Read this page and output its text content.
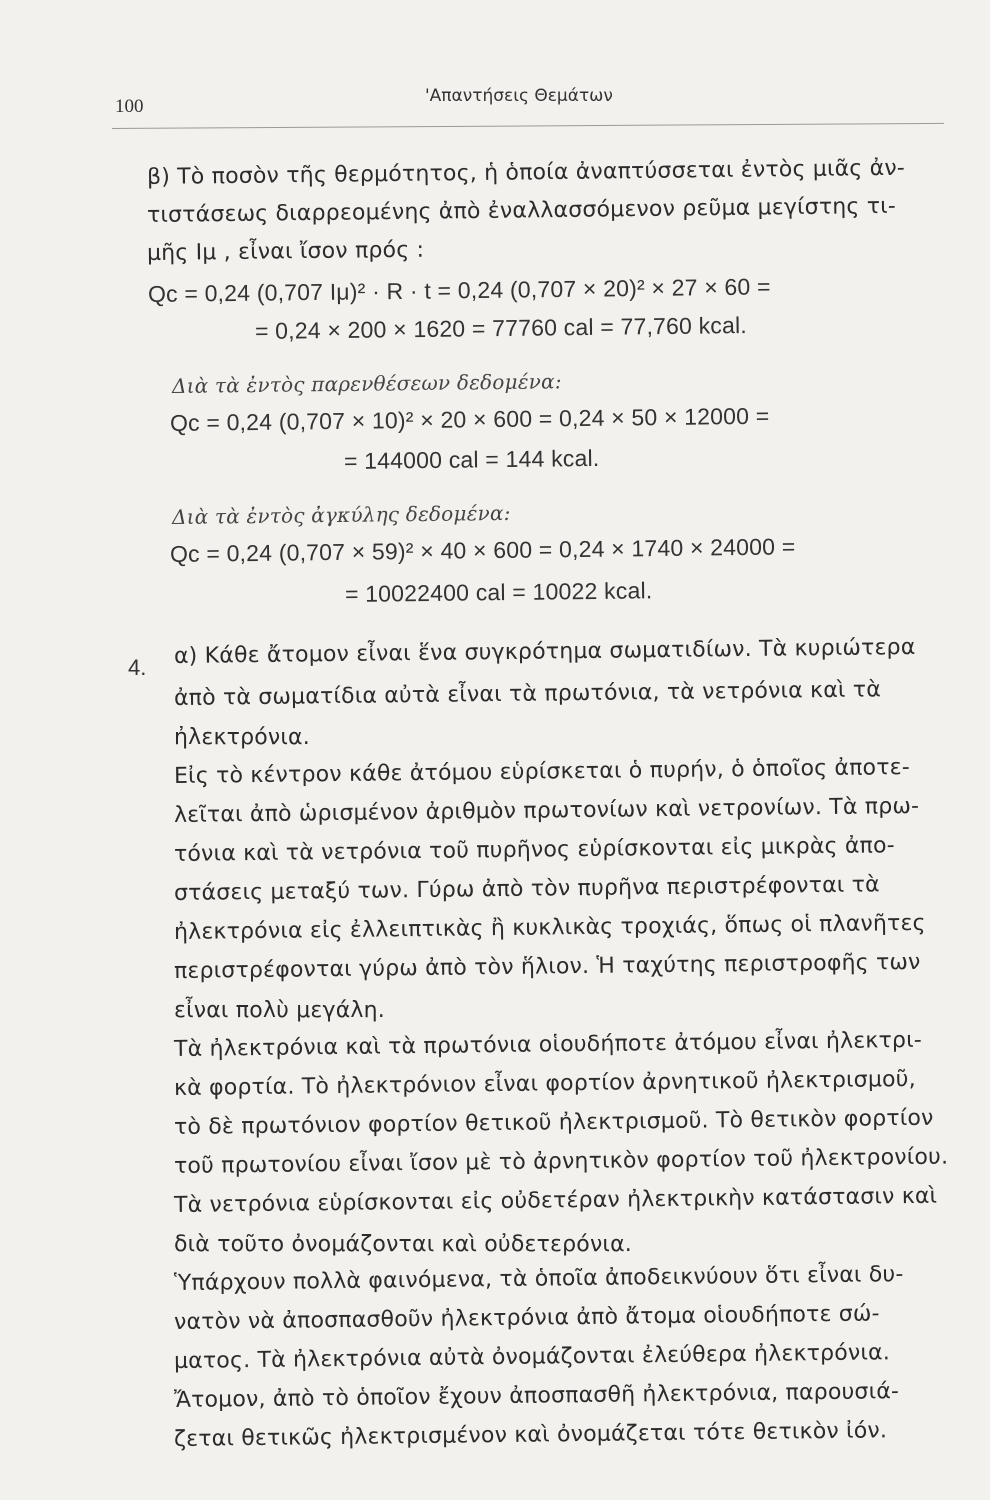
100	'Απαντήσεις Θεμάτων
β) Τὸ ποσὸν τῆς θερμότητος, ἡ ὁποία ἀναπτύσσεται ἐντὸς μιᾶς ἀν-
τιστάσεως διαρρεομένης ἀπὸ ἐναλλασσόμενον ρεῦμα μεγίστης τι-
μῆς Iμ , εἶναι ἴσον πρός :
Qc = 0,24 (0,707 Iμ)² · R · t = 0,24 (0,707 × 20)² × 27 × 60 =
= 0,24 × 200 × 1620 = 77760 cal = 77,760 kcal.
Διὰ τὰ ἐντὸς παρενθέσεων δεδομένα:
Qc = 0,24 (0,707 × 10)² × 20 × 600 = 0,24 × 50 × 12000 =
= 144000 cal = 144 kcal.
Διὰ τὰ ἐντὸς ἀγκύλης δεδομένα:
Qc = 0,24 (0,707 × 59)² × 40 × 600 = 0,24 × 1740 × 24000 =
= 10022400 cal = 10022 kcal.
4. α) Κάθε ἄτομον εἶναι ἕνα συγκρότημα σωματιδίων. Τὰ κυριώτερα
ἀπὸ τὰ σωματίδια αὐτὰ εἶναι τὰ πρωτόνια, τὰ νετρόνια καὶ τὰ
ἠλεκτρόνια.
Εἰς τὸ κέντρον κάθε ἀτόμου εὑρίσκεται ὁ πυρήν, ὁ ὁποῖος ἀποτε-
λεῖται ἀπὸ ὡρισμένον ἀριθμὸν πρωτονίων καὶ νετρονίων. Τὰ πρω-
τόνια καὶ τὰ νετρόνια τοῦ πυρῆνος εὑρίσκονται εἰς μικρὰς ἀπο-
στάσεις μεταξύ των. Γύρω ἀπὸ τὸν πυρῆνα περιστρέφονται τὰ
ἠλεκτρόνια εἰς ἐλλειπτικὰς ἢ κυκλικὰς τροχιάς, ὅπως οἱ πλανῆτες
περιστρέφονται γύρω ἀπὸ τὸν ἥλιον. Ἡ ταχύτης περιστροφῆς των
εἶναι πολὺ μεγάλη.
Τὰ ἠλεκτρόνια καὶ τὰ πρωτόνια οἱουδήποτε ἀτόμου εἶναι ἠλεκτρι-
κὰ φορτία. Τὸ ἠλεκτρόνιον εἶναι φορτίον ἀρνητικοῦ ἠλεκτρισμοῦ,
τὸ δὲ πρωτόνιον φορτίον θετικοῦ ἠλεκτρισμοῦ. Τὸ θετικὸν φορτίον
τοῦ πρωτονίου εἶναι ἴσον μὲ τὸ ἀρνητικὸν φορτίον τοῦ ἠλεκτρονίου.
Τὰ νετρόνια εὑρίσκονται εἰς οὐδετέραν ἠλεκτρικὴν κατάστασιν καὶ
διὰ τοῦτο ὀνομάζονται καὶ οὐδετερόνια.
Ὑπάρχουν πολλὰ φαινόμενα, τὰ ὁποῖα ἀποδεικνύουν ὅτι εἶναι δυ-
νατὸν νὰ ἀποσπασθοῦν ἠλεκτρόνια ἀπὸ ἄτομα οἱουδήποτε σώ-
ματος. Τὰ ἠλεκτρόνια αὐτὰ ὀνομάζονται ἐλεύθερα ἠλεκτρόνια.
Ἄτομον, ἀπὸ τὸ ὁποῖον ἔχουν ἀποσπασθῆ ἠλεκτρόνια, παρουσιά-
ζεται θετικῶς ἠλεκτρισμένον καὶ ὀνομάζεται τότε θετικὸν ἰόν.
